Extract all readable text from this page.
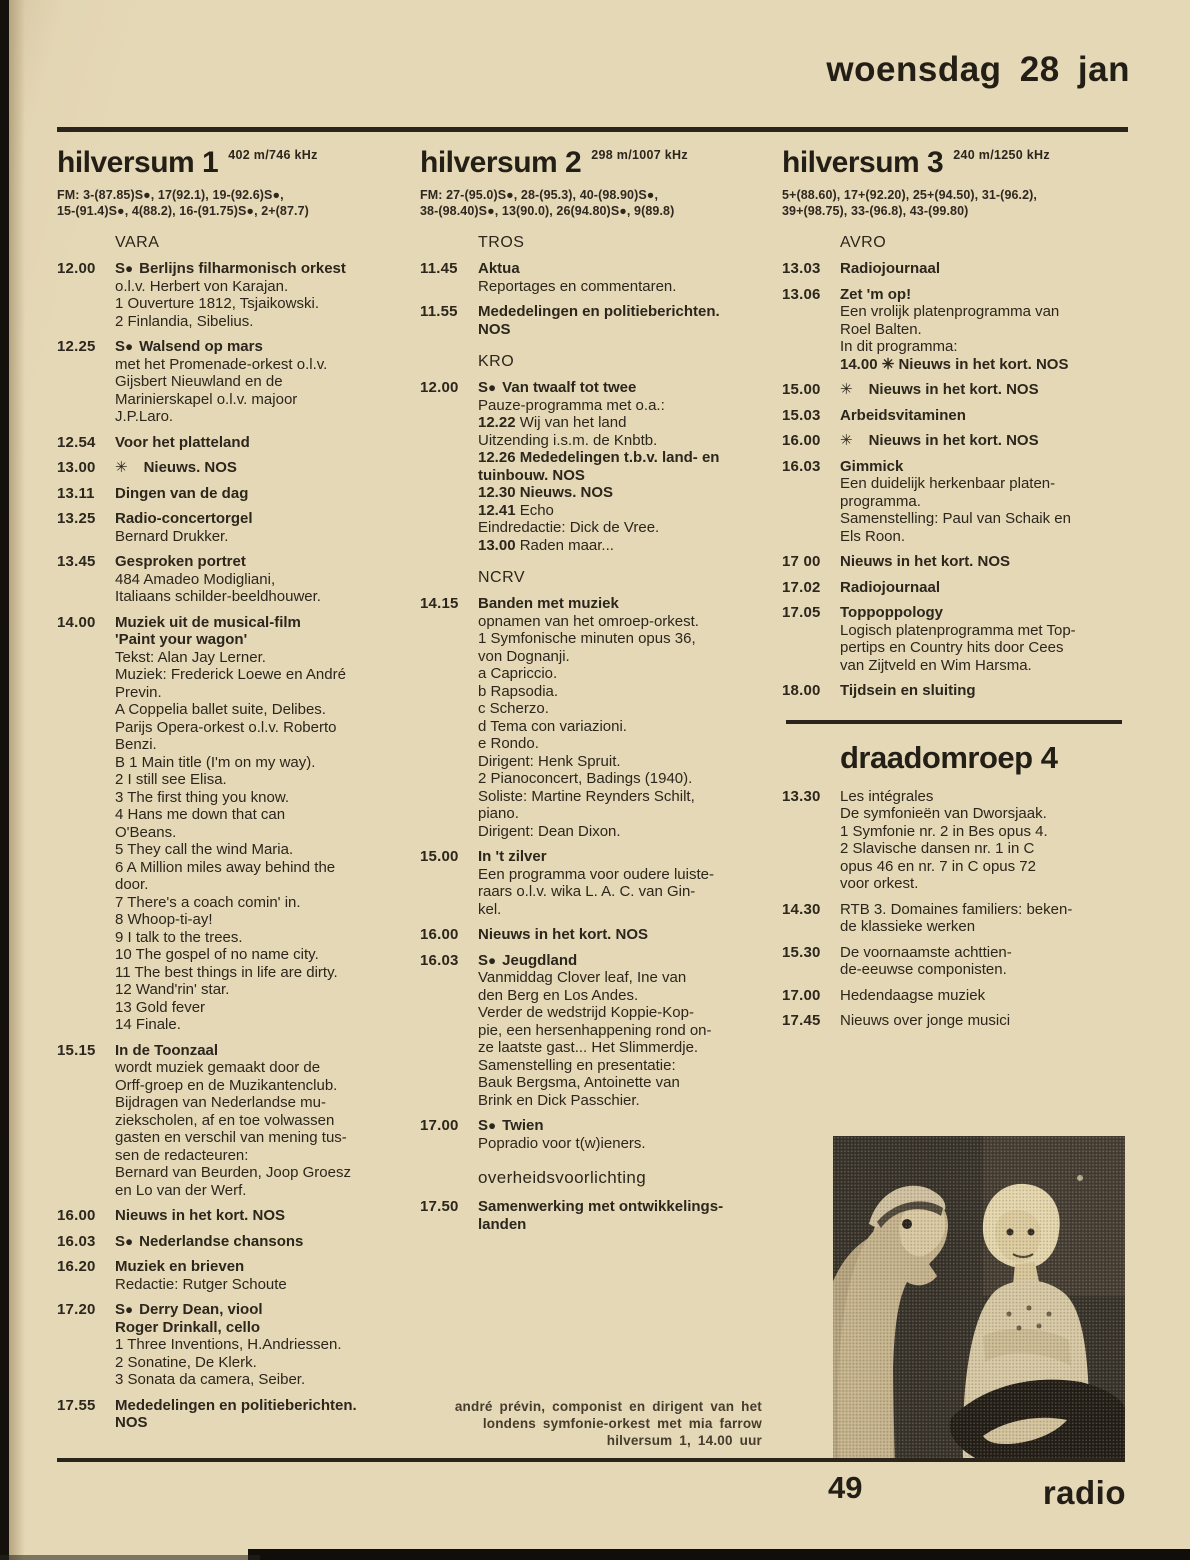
woensdag 28 jan
hilversum 1 402 m/746 kHz
FM: 3-(87.85)S●, 17(92.1), 19-(92.6)S●,
15-(91.4)S●, 4(88.2), 16-(91.75)S●, 2+(87.7)
VARA
12.00	S● Berlijns filharmonisch orkest
o.l.v. Herbert von Karajan.
1 Ouverture 1812, Tsjaikowski.
2 Finlandia, Sibelius.
12.25	S● Walsend op mars
met het Promenade-orkest o.l.v.
Gijsbert Nieuwland en de
Marinierskapel o.l.v. majoor
J.P.Laro.
12.54	Voor het platteland
13.00	✳ Nieuws. NOS
13.11	Dingen van de dag
13.25	Radio-concertorgel
Bernard Drukker.
13.45	Gesproken portret
484 Amadeo Modigliani,
Italiaans schilder-beeldhouwer.
14.00	Muziek uit de musical-film
'Paint your wagon'
Tekst: Alan Jay Lerner.
Muziek: Frederick Loewe en André
Previn.
A Coppelia ballet suite, Delibes.
Parijs Opera-orkest o.l.v. Roberto
Benzi.
B 1 Main title (I'm on my way).
2 I still see Elisa.
3 The first thing you know.
4 Hans me down that can
O'Beans.
5 They call the wind Maria.
6 A Million miles away behind the
door.
7 There's a coach comin' in.
8 Whoop-ti-ay!
9 I talk to the trees.
10 The gospel of no name city.
11 The best things in life are dirty.
12 Wand'rin' star.
13 Gold fever
14 Finale.
15.15	In de Toonzaal
wordt muziek gemaakt door de
Orff-groep en de Muzikantenclub.
Bijdragen van Nederlandse mu-
ziekscholen, af en toe volwassen
gasten en verschil van mening tus-
sen de redacteuren:
Bernard van Beurden, Joop Groesz
en Lo van der Werf.
16.00	Nieuws in het kort. NOS
16.03	S● Nederlandse chansons
16.20	Muziek en brieven
Redactie: Rutger Schoute
17.20	S● Derry Dean, viool
Roger Drinkall, cello
1 Three Inventions, H.Andriessen.
2 Sonatine, De Klerk.
3 Sonata da camera, Seiber.
17.55	Mededelingen en politieberichten.
NOS
hilversum 2 298 m/1007 kHz
FM: 27-(95.0)S●, 28-(95.3), 40-(98.90)S●,
38-(98.40)S●, 13(90.0), 26(94.80)S●, 9(89.8)
TROS
11.45	Aktua
Reportages en commentaren.
11.55	Mededelingen en politieberichten.
NOS
KRO
12.00	S● Van twaalf tot twee
Pauze-programma met o.a.:
12.22 Wij van het land
Uitzending i.s.m. de Knbtb.
12.26 Mededelingen t.b.v. land- en
tuinbouw. NOS
12.30 Nieuws. NOS
12.41 Echo
Eindredactie: Dick de Vree.
13.00 Raden maar...
NCRV
14.15	Banden met muziek
opnamen van het omroep-orkest.
1 Symfonische minuten opus 36,
von Dognanji.
a Capriccio.
b Rapsodia.
c Scherzo.
d Tema con variazioni.
e Rondo.
Dirigent: Henk Spruit.
2 Pianoconcert, Badings (1940).
Soliste: Martine Reynders Schilt,
piano.
Dirigent: Dean Dixon.
15.00	In 't zilver
Een programma voor oudere luiste-
raars o.l.v. wika L. A. C. van Gin-
kel.
16.00	Nieuws in het kort. NOS
16.03	S● Jeugdland
Vanmiddag Clover leaf, Ine van
den Berg en Los Andes.
Verder de wedstrijd Koppie-Kop-
pie, een hersenhappening rond on-
ze laatste gast... Het Slimmerdje.
Samenstelling en presentatie:
Bauk Bergsma, Antoinette van
Brink en Dick Passchier.
17.00	S● Twien
Popradio voor t(w)ieners.
overheidsvoorlichting
17.50	Samenwerking met ontwikkelings-
landen
hilversum 3 240 m/1250 kHz
5+(88.60), 17+(92.20), 25+(94.50), 31-(96.2),
39+(98.75), 33-(96.8), 43-(99.80)
AVRO
13.03	Radiojournaal
13.06	Zet 'm op!
Een vrolijk platenprogramma van
Roel Balten.
In dit programma:
14.00 ✳ Nieuws in het kort. NOS
15.00	✳ Nieuws in het kort. NOS
15.03	Arbeidsvitaminen
16.00	✳ Nieuws in het kort. NOS
16.03	Gimmick
Een duidelijk herkenbaar platen-
programma.
Samenstelling: Paul van Schaik en
Els Roon.
17 00	Nieuws in het kort. NOS
17.02	Radiojournaal
17.05	Toppoppology
Logisch platenprogramma met Top-
pertips en Country hits door Cees
van Zijtveld en Wim Harsma.
18.00	Tijdsein en sluiting
draadomroep 4
13.30	Les intégrales
De symfonieën van Dworsjaak.
1 Symfonie nr. 2 in Bes opus 4.
2 Slavische dansen nr. 1 in C
opus 46 en nr. 7 in C opus 72
voor orkest.
14.30	RTB 3. Domaines familiers: beken-
de klassieke werken
15.30	De voornaamste achttien-
de-eeuwse componisten.
17.00	Hedendaagse muziek
17.45	Nieuws over jonge musici
andré prévin, componist en dirigent van het
londens symfonie-orkest met mia farrow
hilversum 1, 14.00 uur
49	radio
